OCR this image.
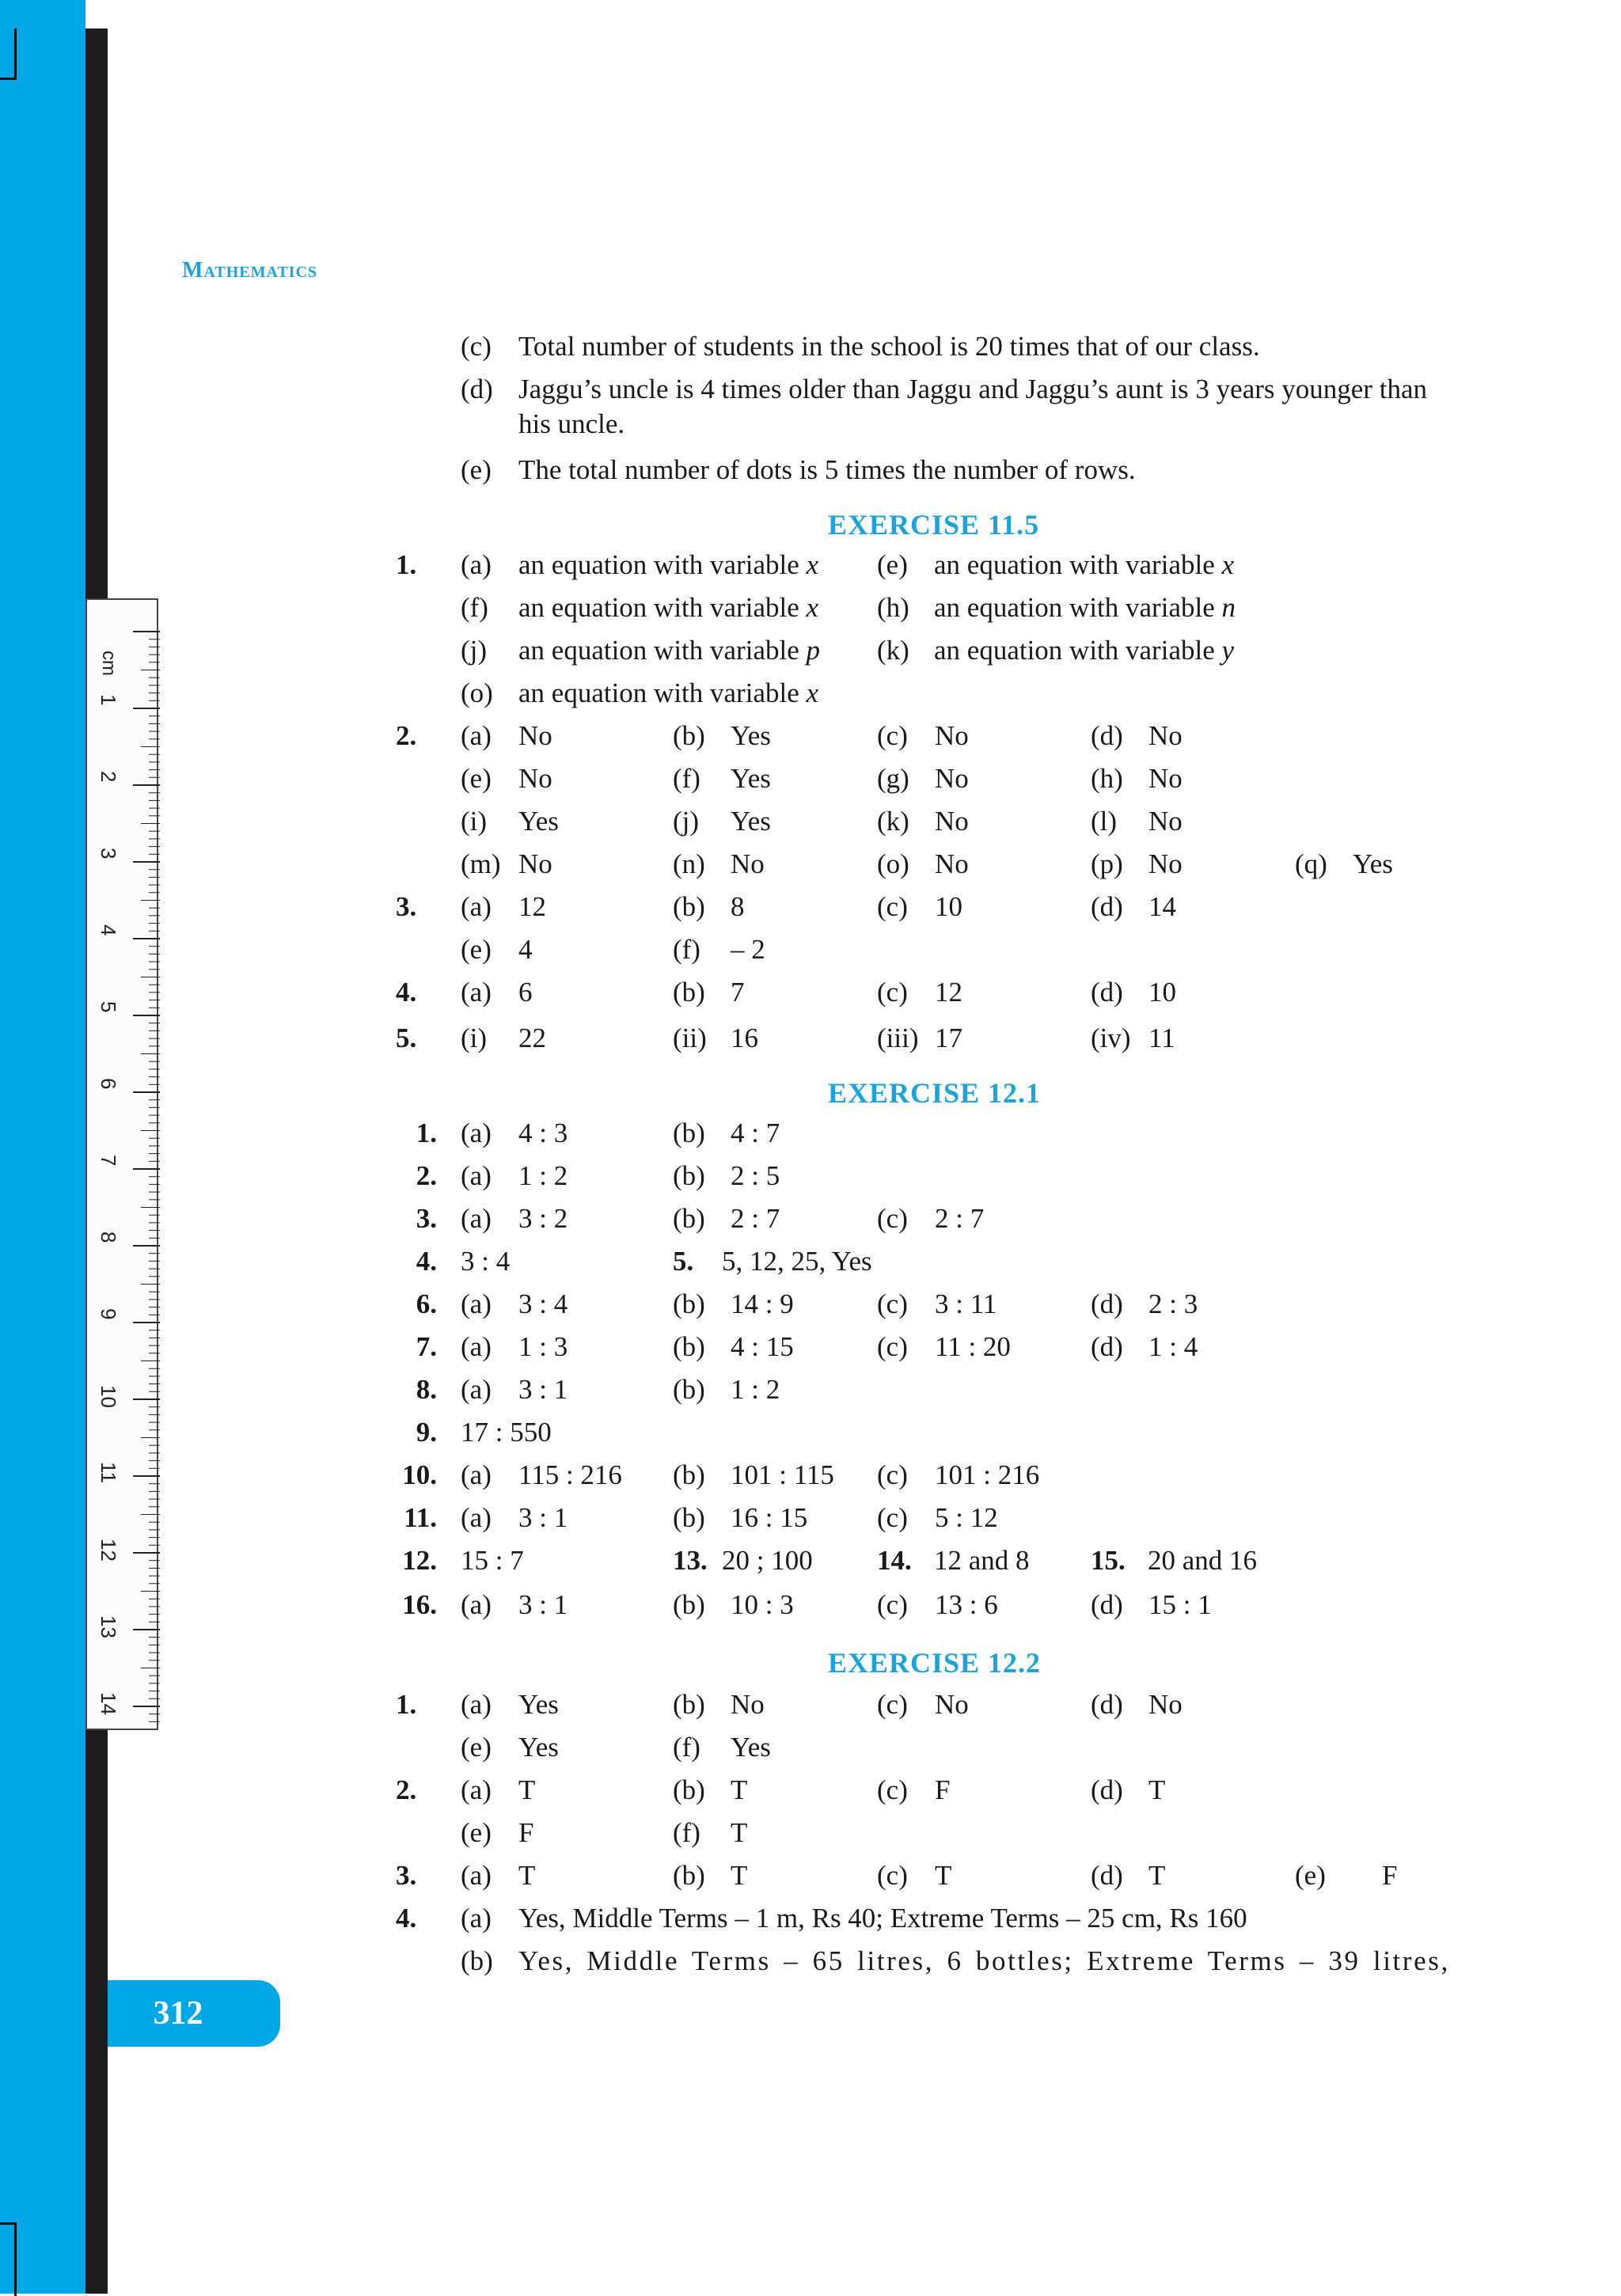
cm
1
2
3
4
5
6
7
8
9
10
11
12
13
14
Mathematics
(c) Total number of students in the school is 20 times that of our class.
(d) Jaggu’s uncle is 4 times older than Jaggu and Jaggu’s aunt is 3 years younger than
his uncle.
(e) The total number of dots is 5 times the number of rows.
EXERCISE 11.5
1. (a) an equation with variable x (e) an equation with variable x
(f) an equation with variable x (h) an equation with variable n
(j) an equation with variable p (k) an equation with variable y
(o) an equation with variable x
2. (a) No	(b) Yes	(c) No	(d) No
(e) No	(f) Yes	(g) No	(h) No
(i) Yes	(j) Yes	(k) No	(l) No
(m) No	(n) No	(o) No	(p) No	(q) Yes
3. (a) 12	(b) 8	(c) 10	(d) 14
(e) 4	(f) – 2
4. (a) 6	(b) 7	(c) 12	(d) 10
5. (i) 22	(ii) 16	(iii) 17	(iv) 11
EXERCISE 12.1
1. (a) 4 : 3	(b) 4 : 7
2. (a) 1 : 2	(b) 2 : 5
3. (a) 3 : 2	(b) 2 : 7	(c) 2 : 7
4. 3 : 4	5. 5, 12, 25, Yes
6. (a) 3 : 4	(b) 14 : 9	(c) 3 : 11	(d) 2 : 3
7. (a) 1 : 3	(b) 4 : 15	(c) 11 : 20	(d) 1 : 4
8. (a) 3 : 1	(b) 1 : 2
9. 17 : 550
10. (a) 115 : 216 (b) 101 : 115 (c) 101 : 216
11. (a) 3 : 1	(b) 16 : 15	(c) 5 : 12
12. 15 : 7	13. 20 ; 100 14. 12 and 8 15. 20 and 16
16. (a) 3 : 1	(b) 10 : 3	(c) 13 : 6	(d) 15 : 1
EXERCISE 12.2
1. (a) Yes	(b) No	(c) No	(d) No
(e) Yes	(f) Yes
2. (a) T	(b) T	(c) F	(d) T
(e) F	(f) T
3. (a) T	(b) T	(c) T	(d) T	(e) F
4. (a) Yes, Middle Terms – 1 m, Rs 40; Extreme Terms – 25 cm, Rs 160
(b) Yes, Middle Terms – 65 litres, 6 bottles; Extreme Terms – 39 litres,
312
